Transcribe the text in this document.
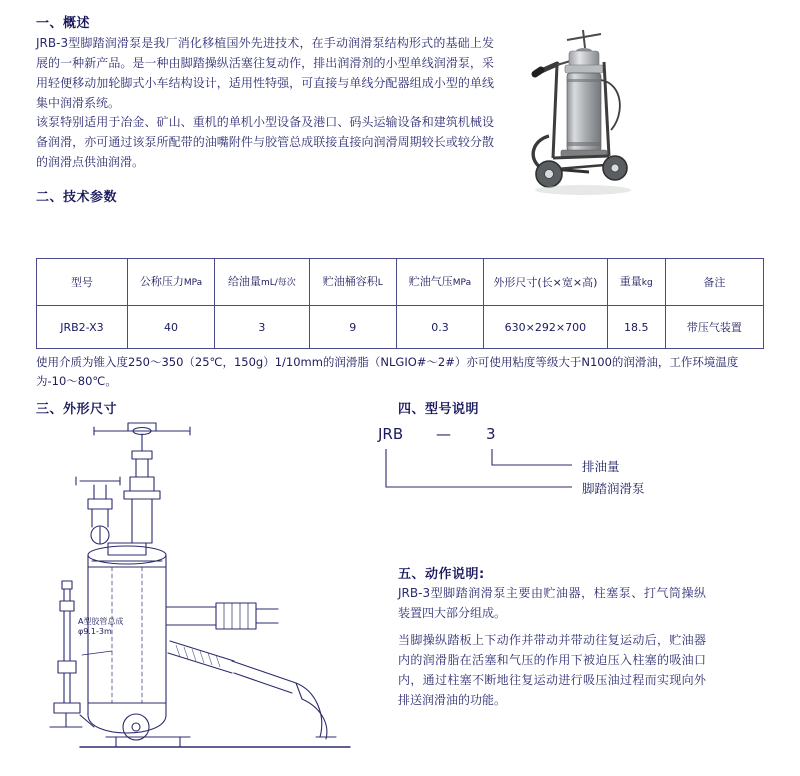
一、概述
JRB-3型脚踏润滑泵是我厂消化移植国外先进技术，在手动润滑泵结构形式的基础上发展的一种新产品。是一种由脚踏操纵活塞往复动作，排出润滑剂的小型单线润滑泵，采用轻便移动加轮脚式小车结构设计，适用性特强，可直接与单线分配器组成小型的单线集中润滑系统。
该泵特别适用于冶金、矿山、重机的单机小型设备及港口、码头运输设备和建筑机械设备润滑，亦可通过该泵所配带的油嘴附件与胶管总成联接直接向润滑周期较长或较分散的润滑点供油润滑。
二、技术参数
型号	公称压力MPa	给油量mL/每次	贮油桶容积L	贮油气压MPa	外形尺寸(长×宽×高)	重量kg	备注
JRB2-X3	40	3	9	0.3	630×292×700	18.5	带压气装置
使用介质为锥入度250～350（25℃，150g）1/10mm的润滑脂（NLGIO#～2#）亦可使用粘度等级大于N100的润滑油，工作环境温度为-10～80℃。
三、外形尺寸
A型胶管总成
φ9.1-3m
四、型号说明
JRB — 3
排油量
脚踏润滑泵
五、动作说明:
JRB-3型脚踏润滑泵主要由贮油器，柱塞泵、打气筒操纵装置四大部分组成。
当脚操纵踏板上下动作并带动并带动往复运动后，贮油器内的润滑脂在活塞和气压的作用下被迫压入柱塞的吸油口内，通过柱塞不断地往复运动进行吸压油过程而实现向外排送润滑油的功能。
